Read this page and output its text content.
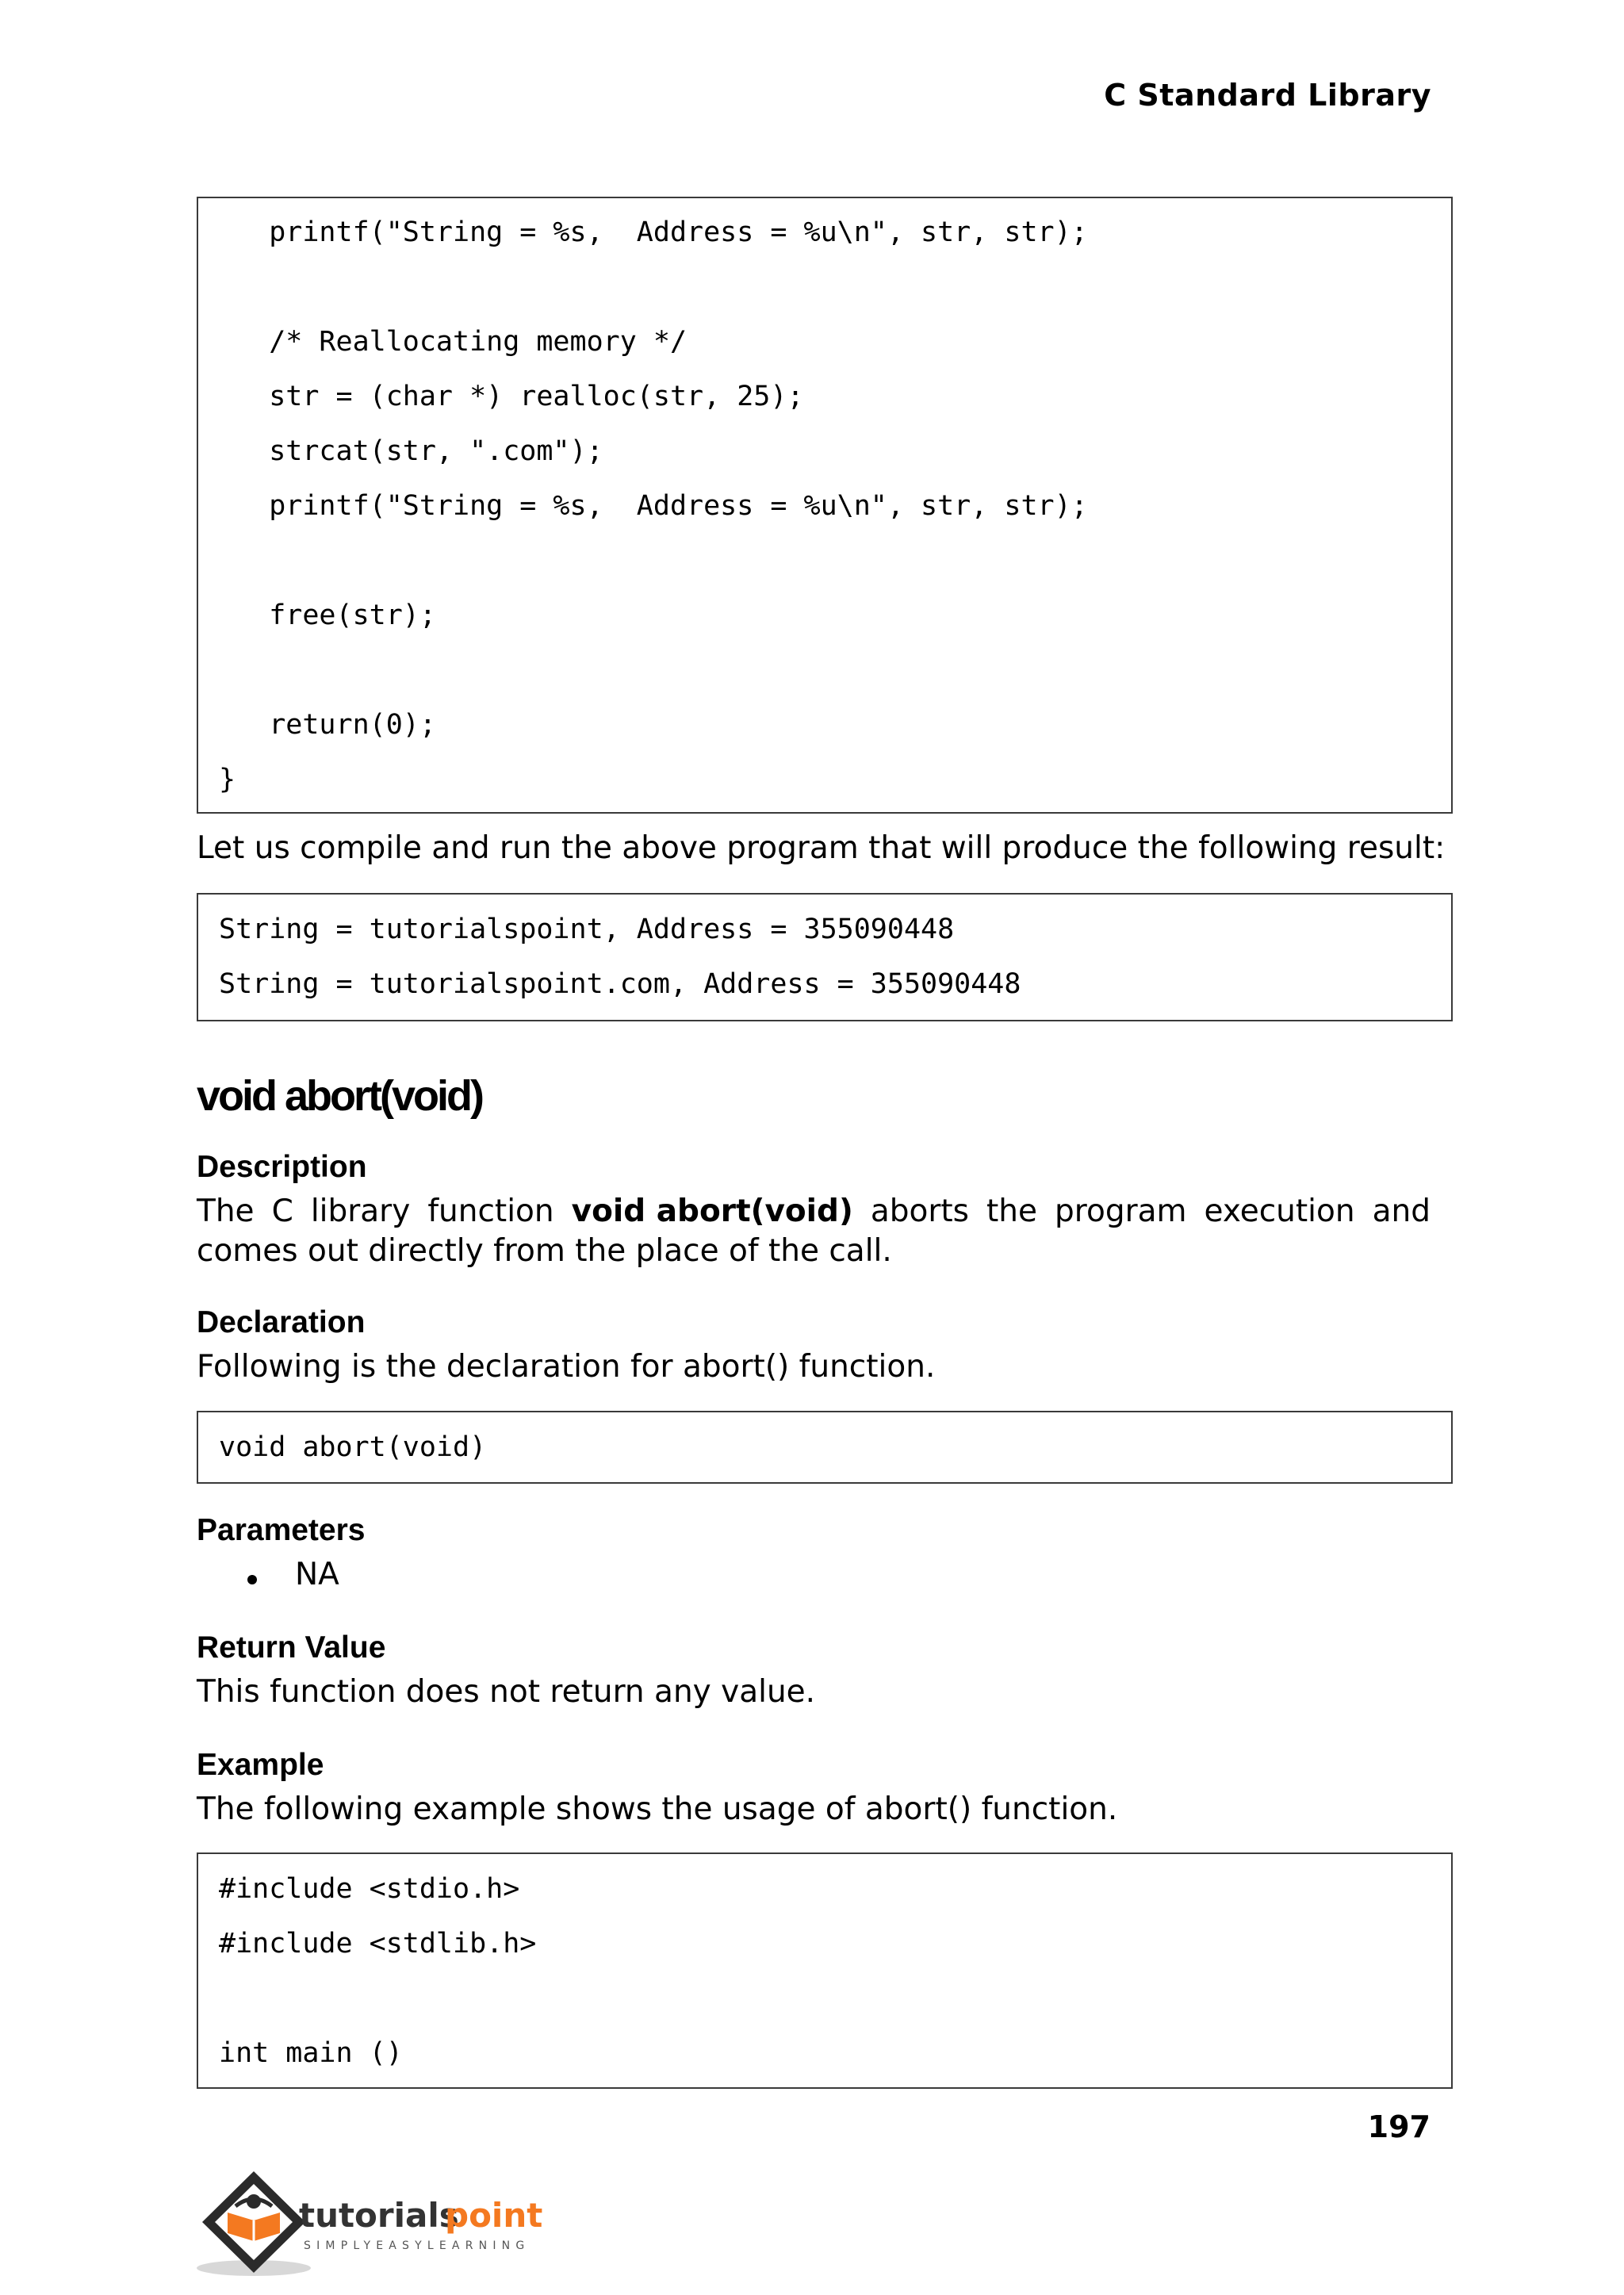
C Standard Library
printf("String = %s,  Address = %u\n", str, str);
/* Reallocating memory */
str = (char *) realloc(str, 25);
strcat(str, ".com");
printf("String = %s,  Address = %u\n", str, str);
free(str);
return(0);
}
Let us compile and run the above program that will produce the following result:
String = tutorialspoint, Address = 355090448
String = tutorialspoint.com, Address = 355090448
void abort(void)
Description
The C library function void abort(void) aborts the program execution and
comes out directly from the place of the call.
Declaration
Following is the declaration for abort() function.
void abort(void)
Parameters
NA
Return Value
This function does not return any value.
Example
The following example shows the usage of abort() function.
#include <stdio.h>
#include <stdlib.h>
int main ()
197
tutorials
point
SIMPLYEASYLEARNING
